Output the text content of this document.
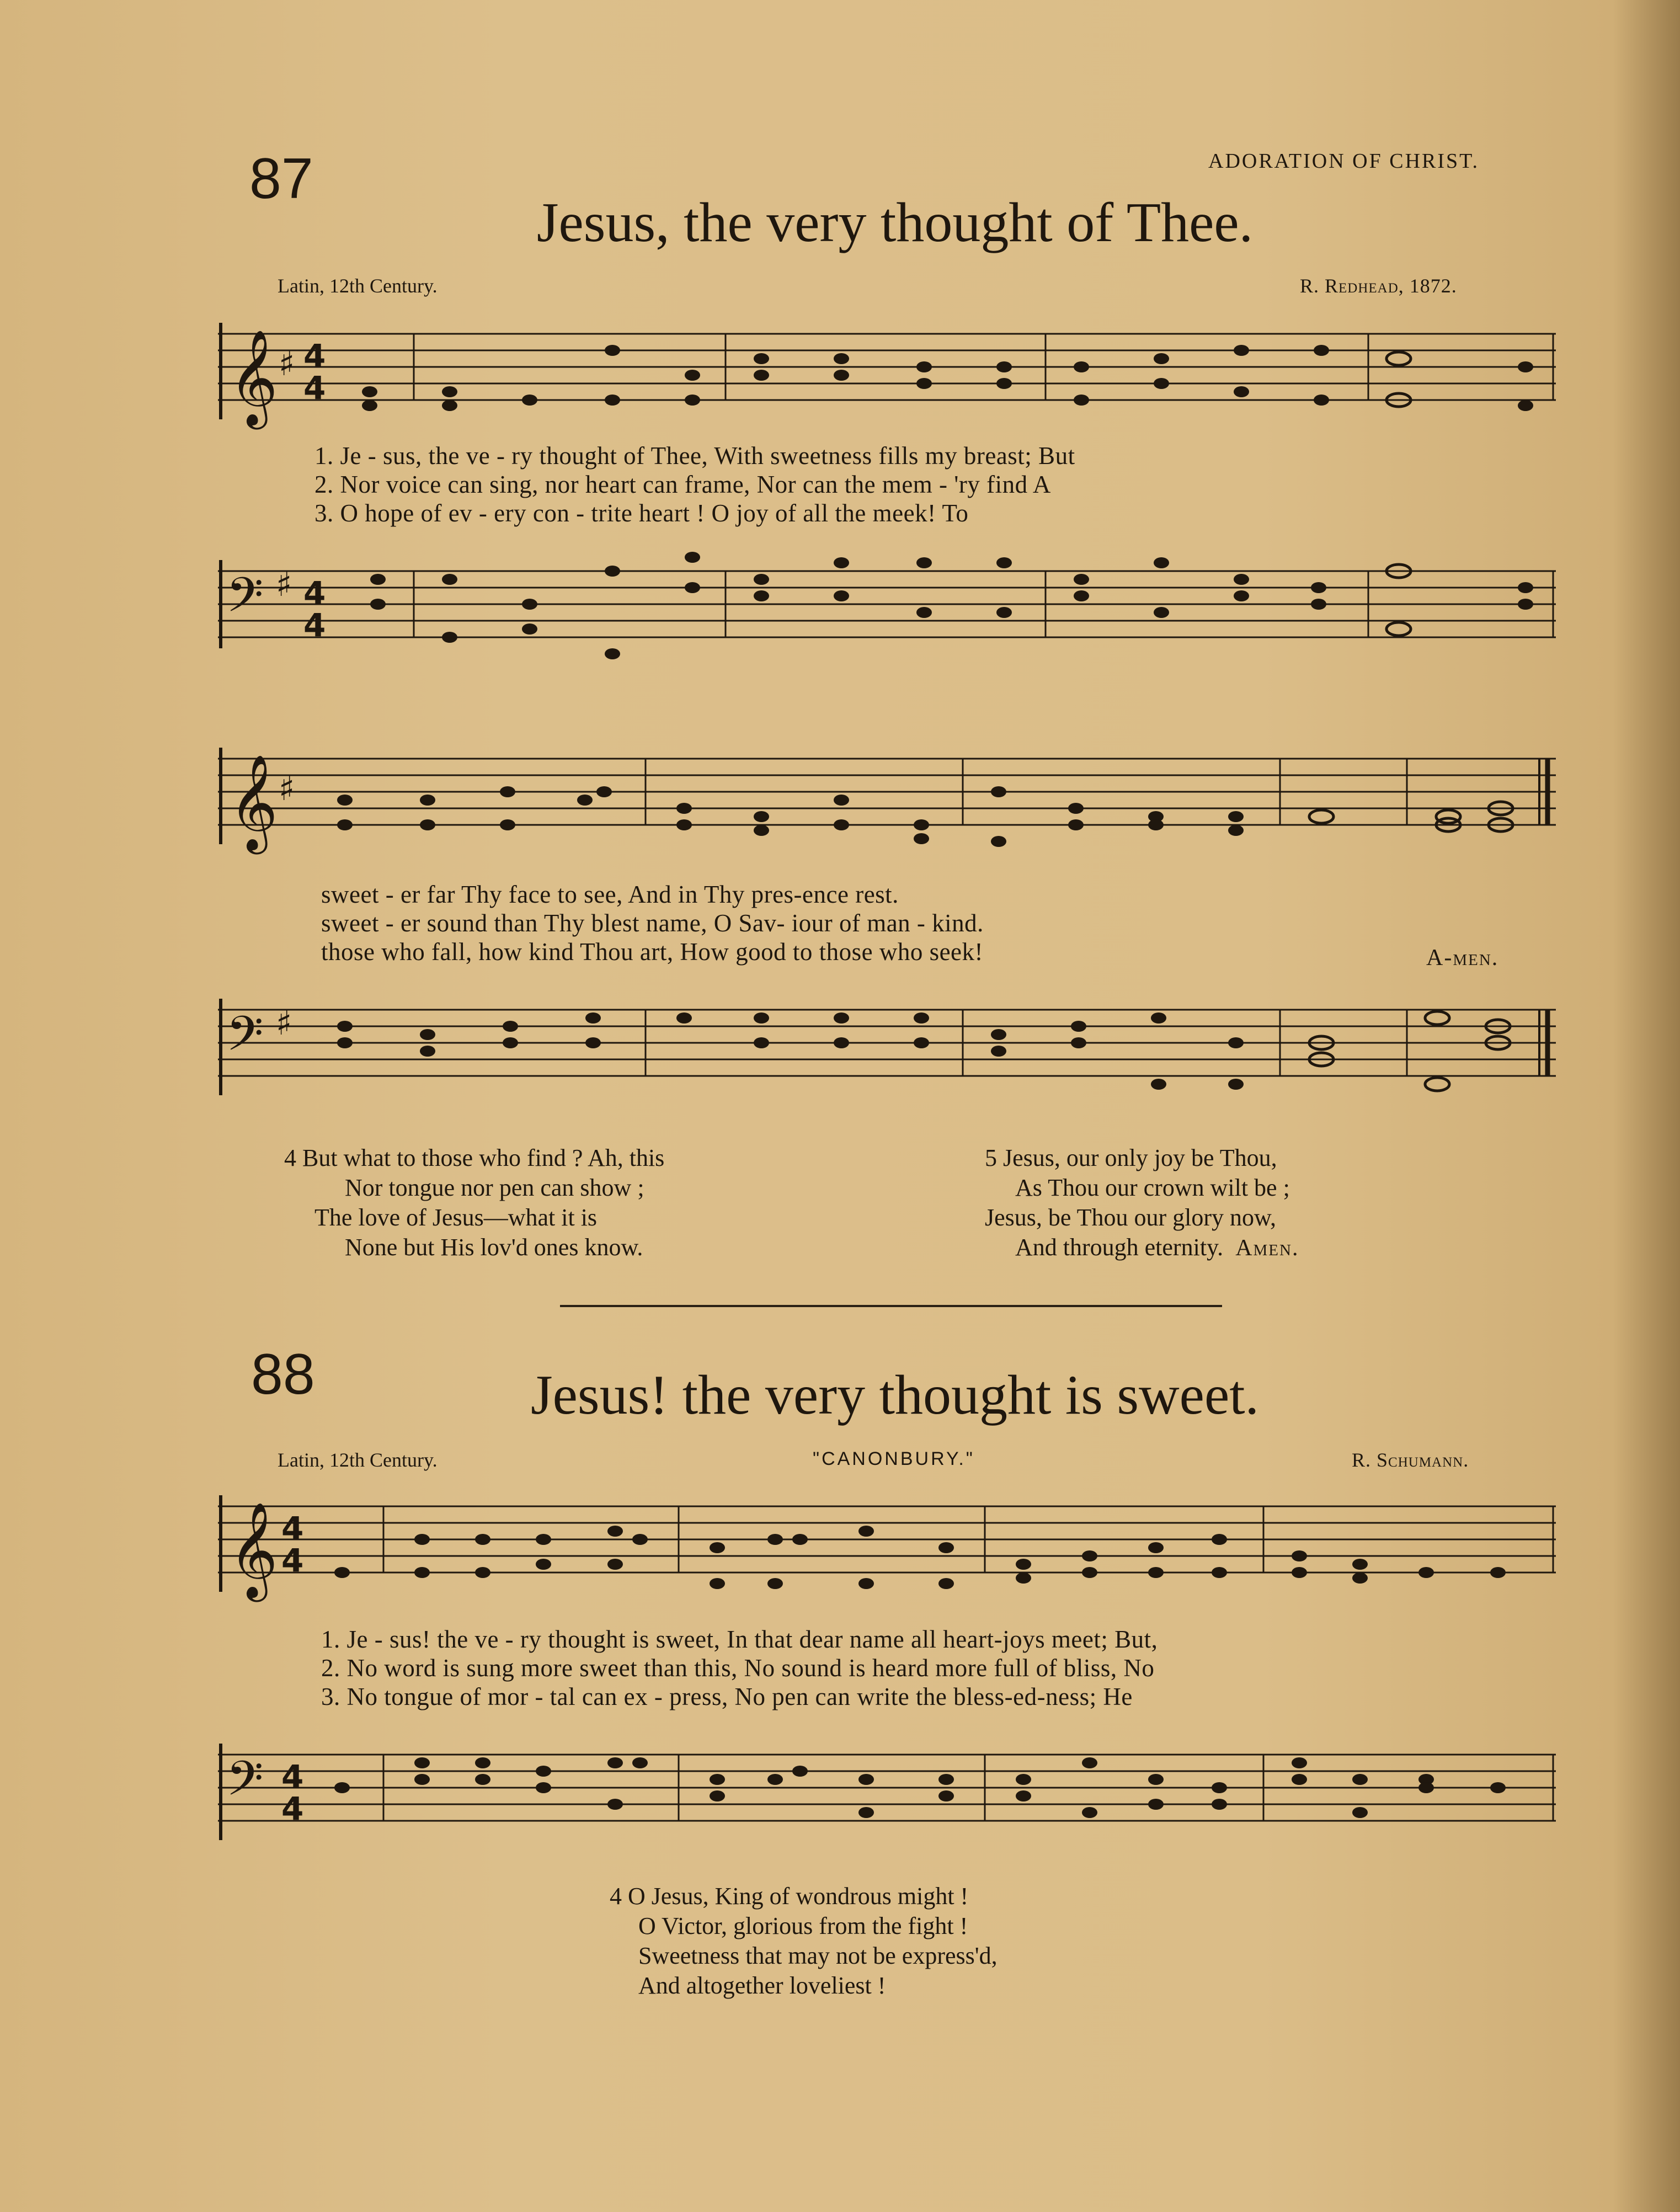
ADORATION OF CHRIST.
87
Jesus, the very thought of Thee.
Latin, 12th Century.	R. Redhead, 1872.
𝄞 ♯ 4
4
1. Je - sus, the ve - ry thought of Thee, With sweetness fills my breast; But
2. Nor voice can sing, nor heart can frame, Nor can the mem - 'ry find A
3. O hope of ev - ery con - trite heart ! O joy of all the meek! To
𝄢 ♯ 4
4
𝄞 ♯
sweet - er far Thy face to see, And in Thy pres-ence rest.
sweet - er sound than Thy blest name, O Sav- iour of man - kind.
those who fall, how kind Thou art, How good to those who seek!	A-men.
𝄢 ♯
4 But what to those who find ? Ah, this
Nor tongue nor pen can show ;
The love of Jesus—what it is
None but His lov'd ones know.
5 Jesus, our only joy be Thou,
As Thou our crown wilt be ;
Jesus, be Thou our glory now,
And through eternity. Amen.
88	Jesus! the very thought is sweet.
Latin, 12th Century.	"CANONBURY."	R. Schumann.
𝄞 4
4
1. Je - sus! the ve - ry thought is sweet, In that dear name all heart-joys meet; But,
2. No word is sung more sweet than this, No sound is heard more full of bliss, No
3. No tongue of mor - tal can ex - press, No pen can write the bless-ed-ness; He
𝄢 4
4
4 O Jesus, King of wondrous might !
O Victor, glorious from the fight !
Sweetness that may not be express'd,
And altogether loveliest !
